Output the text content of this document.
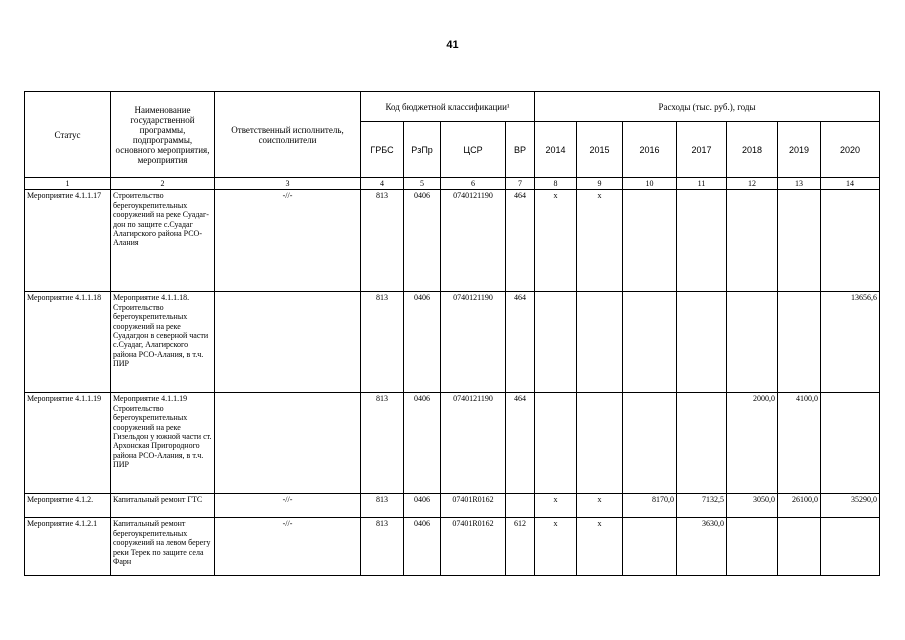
41
Статус	Наименование государственной программы, подпрограммы, основного мероприятия, мероприятия	Ответственный исполнитель, соисполнители	Код бюджетной классификации¹				Расходы (тыс. руб.), годы						
			ГРБС	РзПр	ЦСР	ВР	2014	2015	2016	2017	2018	2019	2020
1	2	3	4	5	6	7	8	9	10	11	12	13	14
Мероприятие 4.1.1.17	Строительство берегоукрепительных сооружений на реке Суадаг-дон по защите с.Суадаг Алагирского района РСО-Алания	-//-	813	0406	0740121190	464	х	х					
Мероприятие 4.1.1.18	Мероприятие 4.1.1.18. Строительство берегоукрепительных сооружений на реке Суадагдон в северной части с.Суадаг, Алагирского района РСО-Алания, в т.ч. ПИР		813	0406	0740121190	464							13656,6
Мероприятие 4.1.1.19	Мероприятие 4.1.1.19 Строительство берегоукрепительных сооружений на реке Гизельдон у южной части ст. Архонская Пригородного района РСО-Алания, в т.ч. ПИР		813	0406	0740121190	464					2000,0	4100,0	
Мероприятие 4.1.2.	Капитальный ремонт ГТС	-//-	813	0406	07401R0162		х	х	8170,0	7132,5	3050,0	26100,0	35290,0
Мероприятие 4.1.2.1	Капитальный ремонт берегоукрепительных сооружений на левом берегу реки Терек по защите села Фарн	-//-	813	0406	07401R0162	612	х	х		3630,0			
